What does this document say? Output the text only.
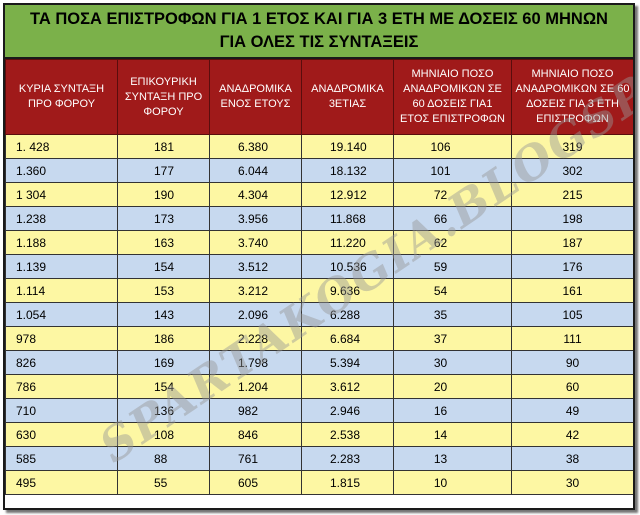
ΤΑ ΠΟΣΑ ΕΠΙΣΤΡΟΦΩΝ ΓΙΑ 1 ΕΤΟΣ ΚΑΙ ΓΙΑ 3 ΕΤΗ ΜΕ ΔΟΣΕΙΣ 60 ΜΗΝΩΝ ΓΙΑ ΟΛΕΣ ΤΙΣ ΣΥΝΤΑΞΕΙΣ
ΚΥΡΙΑ ΣΥΝΤΑΞΗ ΠΡΟ ΦΟΡΟΥ	ΕΠΙΚΟΥΡΙΚΗ ΣΥΝΤΑΞΗ ΠΡΟ ΦΟΡΟΥ	ΑΝΑΔΡΟΜΙΚΑ ΕΝΟΣ ΕΤΟΥΣ	ΑΝΑΔΡΟΜΙΚΑ 3ΕΤΙΑΣ	ΜΗΝΙΑΙΟ ΠΟΣΟ ΑΝΑΔΡΟΜΙΚΩΝ ΣΕ 60 ΔΟΣΕΙΣ ΓΙΑ1 ΕΤΟΣ ΕΠΙΣΤΡΟΦΩΝ	ΜΗΝΙΑΙΟ ΠΟΣΟ ΑΝΑΔΡΟΜΙΚΩΝ ΣΕ 60 ΔΟΣΕΙΣ ΓΙΑ 3 ΕΤΗ ΕΠΙΣΤΡΟΦΩΝ
1. 428	181	6.380	19.140	106	319
1.360	177	6.044	18.132	101	302
1 304	190	4.304	12.912	72	215
1.238	173	3.956	11.868	66	198
1.188	163	3.740	11.220	62	187
1.139	154	3.512	10.536	59	176
1.114	153	3.212	9.636	54	161
1.054	143	2.096	6.288	35	105
978	186	2.228	6.684	37	111
826	169	1.798	5.394	30	90
786	154	1.204	3.612	20	60
710	136	982	2.946	16	49
630	108	846	2.538	14	42
585	88	761	2.283	13	38
495	55	605	1.815	10	30
